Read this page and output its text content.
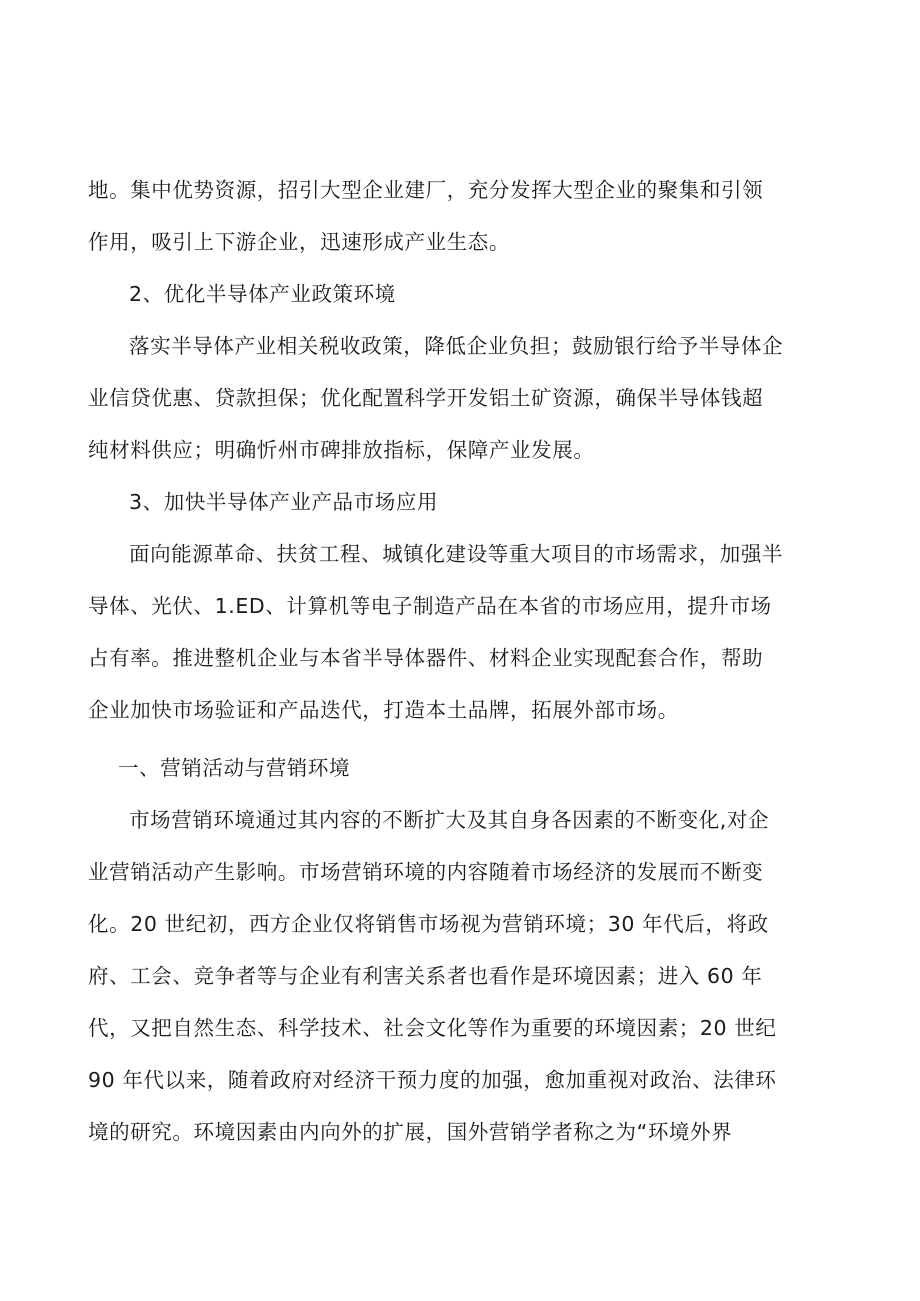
地。集中优势资源，招引大型企业建厂，充分发挥大型企业的聚集和引领
作用，吸引上下游企业，迅速形成产业生态。
2、优化半导体产业政策环境
落实半导体产业相关税收政策，降低企业负担；鼓励银行给予半导体企
业信贷优惠、贷款担保；优化配置科学开发铝土矿资源，确保半导体钱超
纯材料供应；明确忻州市碑排放指标，保障产业发展。
3、加快半导体产业产品市场应用
面向能源革命、扶贫工程、城镇化建设等重大项目的市场需求，加强半
导体、光伏、1.ED、计算机等电子制造产品在本省的市场应用，提升市场
占有率。推进整机企业与本省半导体器件、材料企业实现配套合作，帮助
企业加快市场验证和产品迭代，打造本土品牌，拓展外部市场。
一、营销活动与营销环境
市场营销环境通过其内容的不断扩大及其自身各因素的不断变化,对企
业营销活动产生影响。市场营销环境的内容随着市场经济的发展而不断变
化。20 世纪初，西方企业仅将销售市场视为营销环境；30 年代后，将政
府、工会、竞争者等与企业有利害关系者也看作是环境因素；进入 60 年
代，又把自然生态、科学技术、社会文化等作为重要的环境因素；20 世纪
90 年代以来，随着政府对经济干预力度的加强，愈加重视对政治、法律环
境的研究。环境因素由内向外的扩展，国外营销学者称之为“环境外界
